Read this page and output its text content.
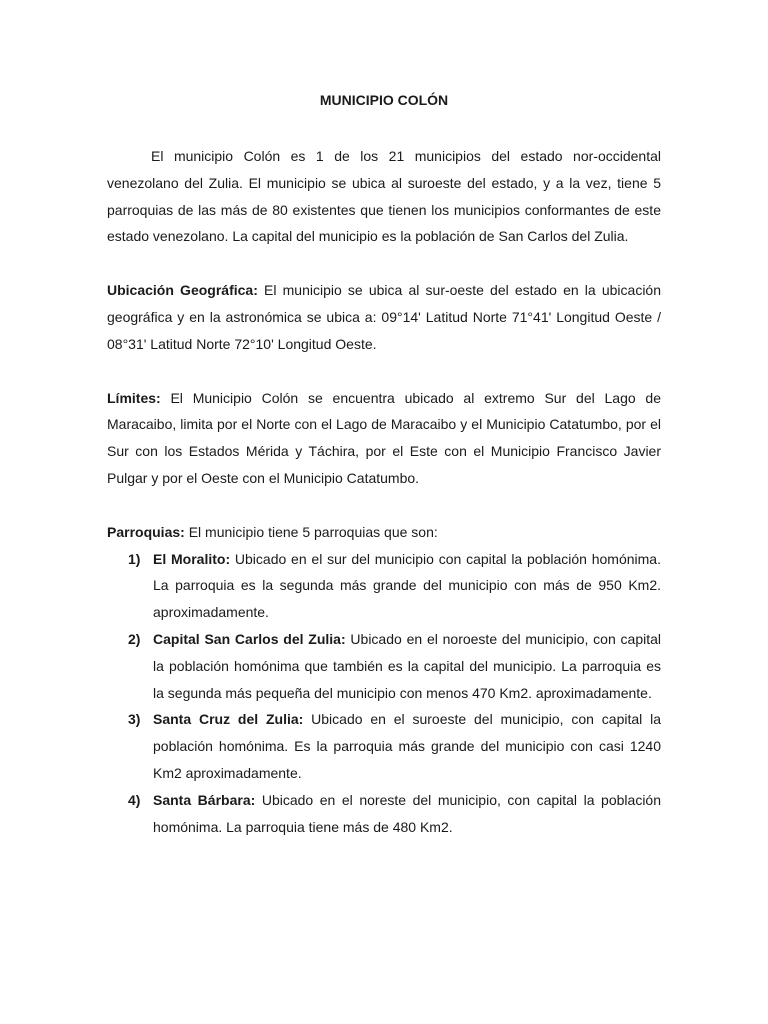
MUNICIPIO COLÓN

El municipio Colón es 1 de los 21 municipios del estado nor-occidental venezolano del Zulia. El municipio se ubica al suroeste del estado, y a la vez, tiene 5 parroquias de las más de 80 existentes que tienen los municipios conformantes de este estado venezolano. La capital del municipio es la población de San Carlos del Zulia.

Ubicación Geográfica: El municipio se ubica al sur-oeste del estado en la ubicación geográfica y en la astronómica se ubica a: 09°14' Latitud Norte 71°41' Longitud Oeste / 08°31' Latitud Norte 72°10' Longitud Oeste.

Límites: El Municipio Colón se encuentra ubicado al extremo Sur del Lago de Maracaibo, limita por el Norte con el Lago de Maracaibo y el Municipio Catatumbo, por el Sur con los Estados Mérida y Táchira, por el Este con el Municipio Francisco Javier Pulgar y por el Oeste con el Municipio Catatumbo.

Parroquias: El municipio tiene 5 parroquias que son:

1) El Moralito: Ubicado en el sur del municipio con capital la población homónima. La parroquia es la segunda más grande del municipio con más de 950 Km2. aproximadamente.
2) Capital San Carlos del Zulia: Ubicado en el noroeste del municipio, con capital la población homónima que también es la capital del municipio. La parroquia es la segunda más pequeña del municipio con menos 470 Km2. aproximadamente.
3) Santa Cruz del Zulia: Ubicado en el suroeste del municipio, con capital la población homónima. Es la parroquia más grande del municipio con casi 1240 Km2 aproximadamente.
4) Santa Bárbara: Ubicado en el noreste del municipio, con capital la población homónima. La parroquia tiene más de 480 Km2.
